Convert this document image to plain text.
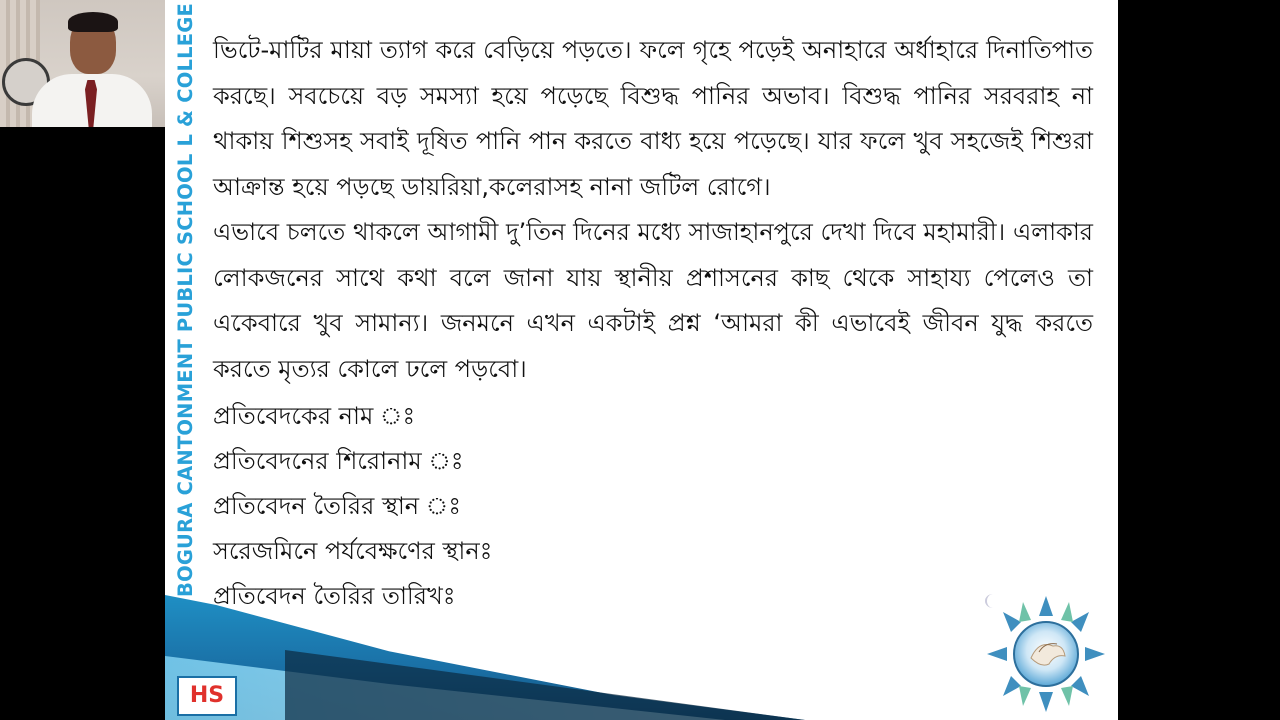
BOGURA CANTONMENT PUBLIC SCHOOL L & COLLEGE
HS

ভিটে-মাটির মায়া ত্যাগ করে বেড়িয়ে পড়তে। ফলে গৃহে পড়েই অনাহারে অর্ধাহারে দিনাতিপাত করছে। সবচেয়ে বড় সমস্যা হয়ে পড়েছে বিশুদ্ধ পানির অভাব। বিশুদ্ধ পানির সরবরাহ না থাকায় শিশুসহ সবাই দূষিত পানি পান করতে বাধ্য হয়ে পড়েছে। যার ফলে খুব সহজেই শিশুরা আক্রান্ত হয়ে পড়ছে ডায়রিয়া,কলেরাসহ নানা জটিল রোগে।

এভাবে চলতে থাকলে আগামী দু’তিন দিনের মধ্যে সাজাহানপুরে দেখা দিবে মহামারী। এলাকার লোকজনের সাথে কথা বলে জানা যায় স্থানীয় প্রশাসনের কাছ থেকে সাহায্য পেলেও তা একেবারে খুব সামান্য। জনমনে এখন একটাই প্রশ্ন ‘আমরা কী এভাবেই জীবন যুদ্ধ করতে করতে মৃত্যর কোলে ঢলে পড়বো।

প্রতিবেদকের নাম ঃ
প্রতিবেদনের শিরোনাম ঃ
প্রতিবেদন তৈরির স্থান ঃ
সরেজমিনে পর্যবেক্ষণের স্থানঃ
প্রতিবেদন তৈরির তারিখঃ
